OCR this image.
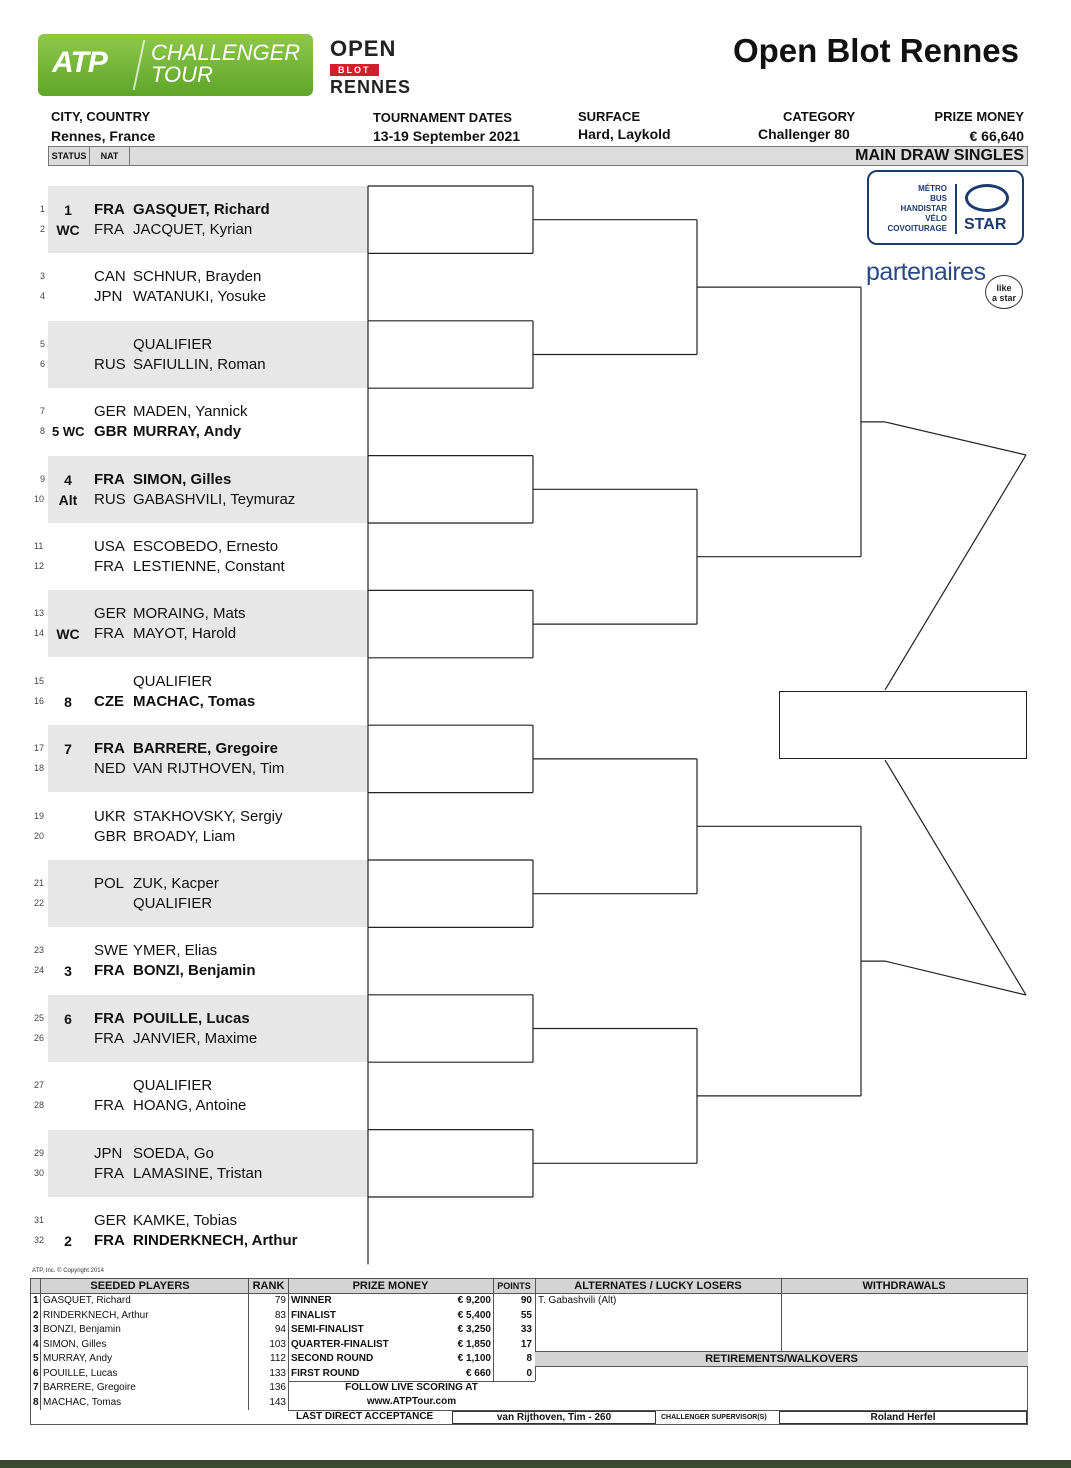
ATP CHALLENGER
TOUR
OPEN
BLOT
RENNES
Open Blot Rennes
CITY, COUNTRY
Rennes, France
TOURNAMENT DATES
13-19 September 2021
SURFACE
Hard, Laykold
CATEGORY
Challenger 80
PRIZE MONEY
€ 66,640
STATUS	NAT	MAIN DRAW SINGLES
MÉTRO
BUS
HANDISTAR
VÉLO
COVOITURAGE STAR
partenaires
like
a star
1	1	FRA GASQUET, Richard
2 WC FRA JACQUET, Kyrian
3	CAN SCHNUR, Brayden
4	JPN WATANUKI, Yosuke
5	QUALIFIER
6	RUS SAFIULLIN, Roman
7	GER MADEN, Yannick
8 5 WC GBR MURRAY, Andy
9	4	FRA SIMON, Gilles
10	Alt	RUS GABASHVILI, Teymuraz
11	USA ESCOBEDO, Ernesto
12	FRA LESTIENNE, Constant
13	GER MORAING, Mats
14 WC FRA MAYOT, Harold
15	QUALIFIER
16	8	CZE MACHAC, Tomas
17	7	FRA BARRERE, Gregoire
18	NED VAN RIJTHOVEN, Tim
19	UKR STAKHOVSKY, Sergiy
20	GBR BROADY, Liam
21	POL ZUK, Kacper
22	QUALIFIER
23	SWE YMER, Elias
24	3	FRA BONZI, Benjamin
25	6	FRA POUILLE, Lucas
26	FRA JANVIER, Maxime
27	QUALIFIER
28	FRA HOANG, Antoine
29	JPN SOEDA, Go
30	FRA LAMASINE, Tristan
31	GER KAMKE, Tobias
32	2	FRA RINDERKNECH, Arthur
ATP, Inc. © Copyright 2014
SEEDED PLAYERS	RANK	PRIZE MONEY	POINTS	ALTERNATES / LUCKY LOSERS	WITHDRAWALS
1 GASQUET, Richard	79
2 RINDERKNECH, Arthur	83
3 BONZI, Benjamin	94
4 SIMON, Gilles	103
5 MURRAY, Andy	112
6 POUILLE, Lucas	133
7 BARRERE, Gregoire	136
8 MACHAC, Tomas	143
WINNER	€ 9,200	90
FINALIST	€ 5,400	55
SEMI-FINALIST	€ 3,250	33
QUARTER-FINALIST	€ 1,850	17
SECOND ROUND	€ 1,100	8
FIRST ROUND	€ 660	0
T. Gabashvili (Alt)
RETIREMENTS/WALKOVERS
FOLLOW LIVE SCORING AT
www.ATPTour.com
LAST DIRECT ACCEPTANCE	van Rijthoven, Tim - 260	CHALLENGER SUPERVISOR(S)	Roland Herfel
